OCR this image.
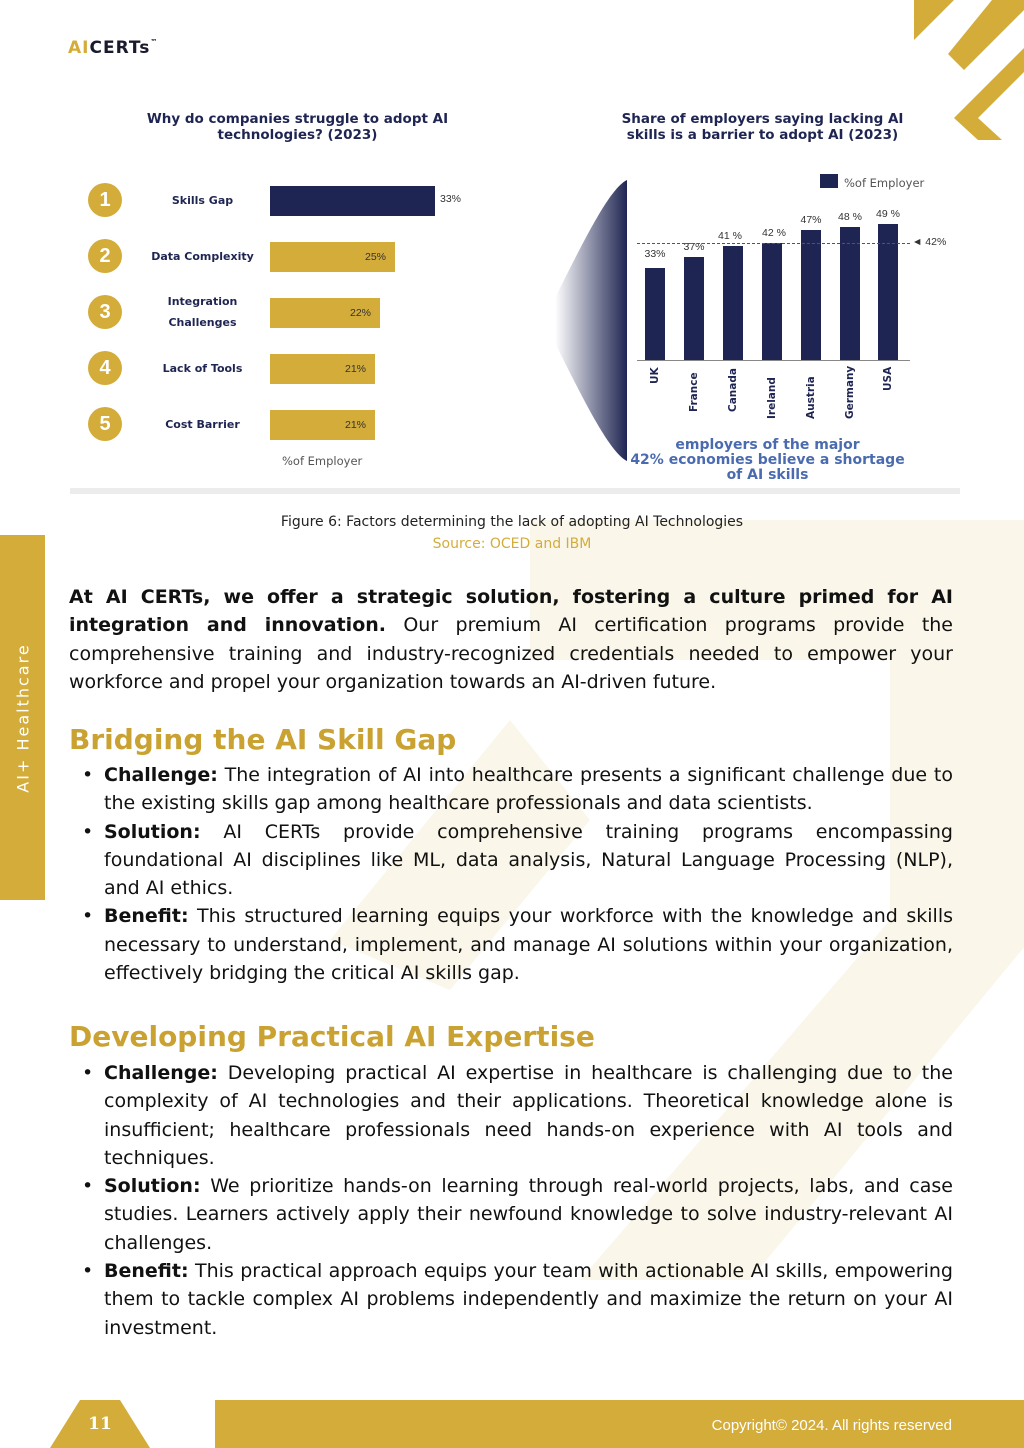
AICERTs™
AI+ Healthcare
Why do companies struggle to adopt AI
technologies? (2023)
%of Employer
Share of employers saying lacking AI
skills is a barrier to adopt AI (2023)
%of Employer
employers of the major
42% economies believe a shortage
of AI skills
Figure 6: Factors determining the lack of adopting AI Technologies
Source: OCED and IBM
At AI CERTs, we offer a strategic solution, fostering a culture primed for AI integration and innovation. Our premium AI certification programs provide the comprehensive training and industry-recognized credentials needed to empower your workforce and propel your organization towards an AI-driven future.
Bridging the AI Skill Gap
• Challenge: The integration of AI into healthcare presents a significant challenge due to the existing skills gap among healthcare professionals and data scientists.
• Solution: AI CERTs provide comprehensive training programs encompassing foundational AI disciplines like ML, data analysis, Natural Language Processing (NLP), and AI ethics.
• Benefit: This structured learning equips your workforce with the knowledge and skills necessary to understand, implement, and manage AI solutions within your organization, effectively bridging the critical AI skills gap.
Developing Practical AI Expertise
• Challenge: Developing practical AI expertise in healthcare is challenging due to the complexity of AI technologies and their applications. Theoretical knowledge alone is insufficient; healthcare professionals need hands-on experience with AI tools and techniques.
• Solution: We prioritize hands-on learning through real-world projects, labs, and case studies. Learners actively apply their newfound knowledge to solve industry-relevant AI challenges.
• Benefit: This practical approach equips your team with actionable AI skills, empowering them to tackle complex AI problems independently and maximize the return on your AI investment.
11	Copyright© 2024. All rights reserved
1	Skills Gap	33%
2	Data Complexity	25%
3	Integration
Challenges
22%
4	Lack of Tools	21%
5	Cost Barrier	21%
33%
UK
37%
France
41 %
Canada
42 %
Ireland
47%
Austria
48 %
Germany
49 %
USA
◄ 42%
